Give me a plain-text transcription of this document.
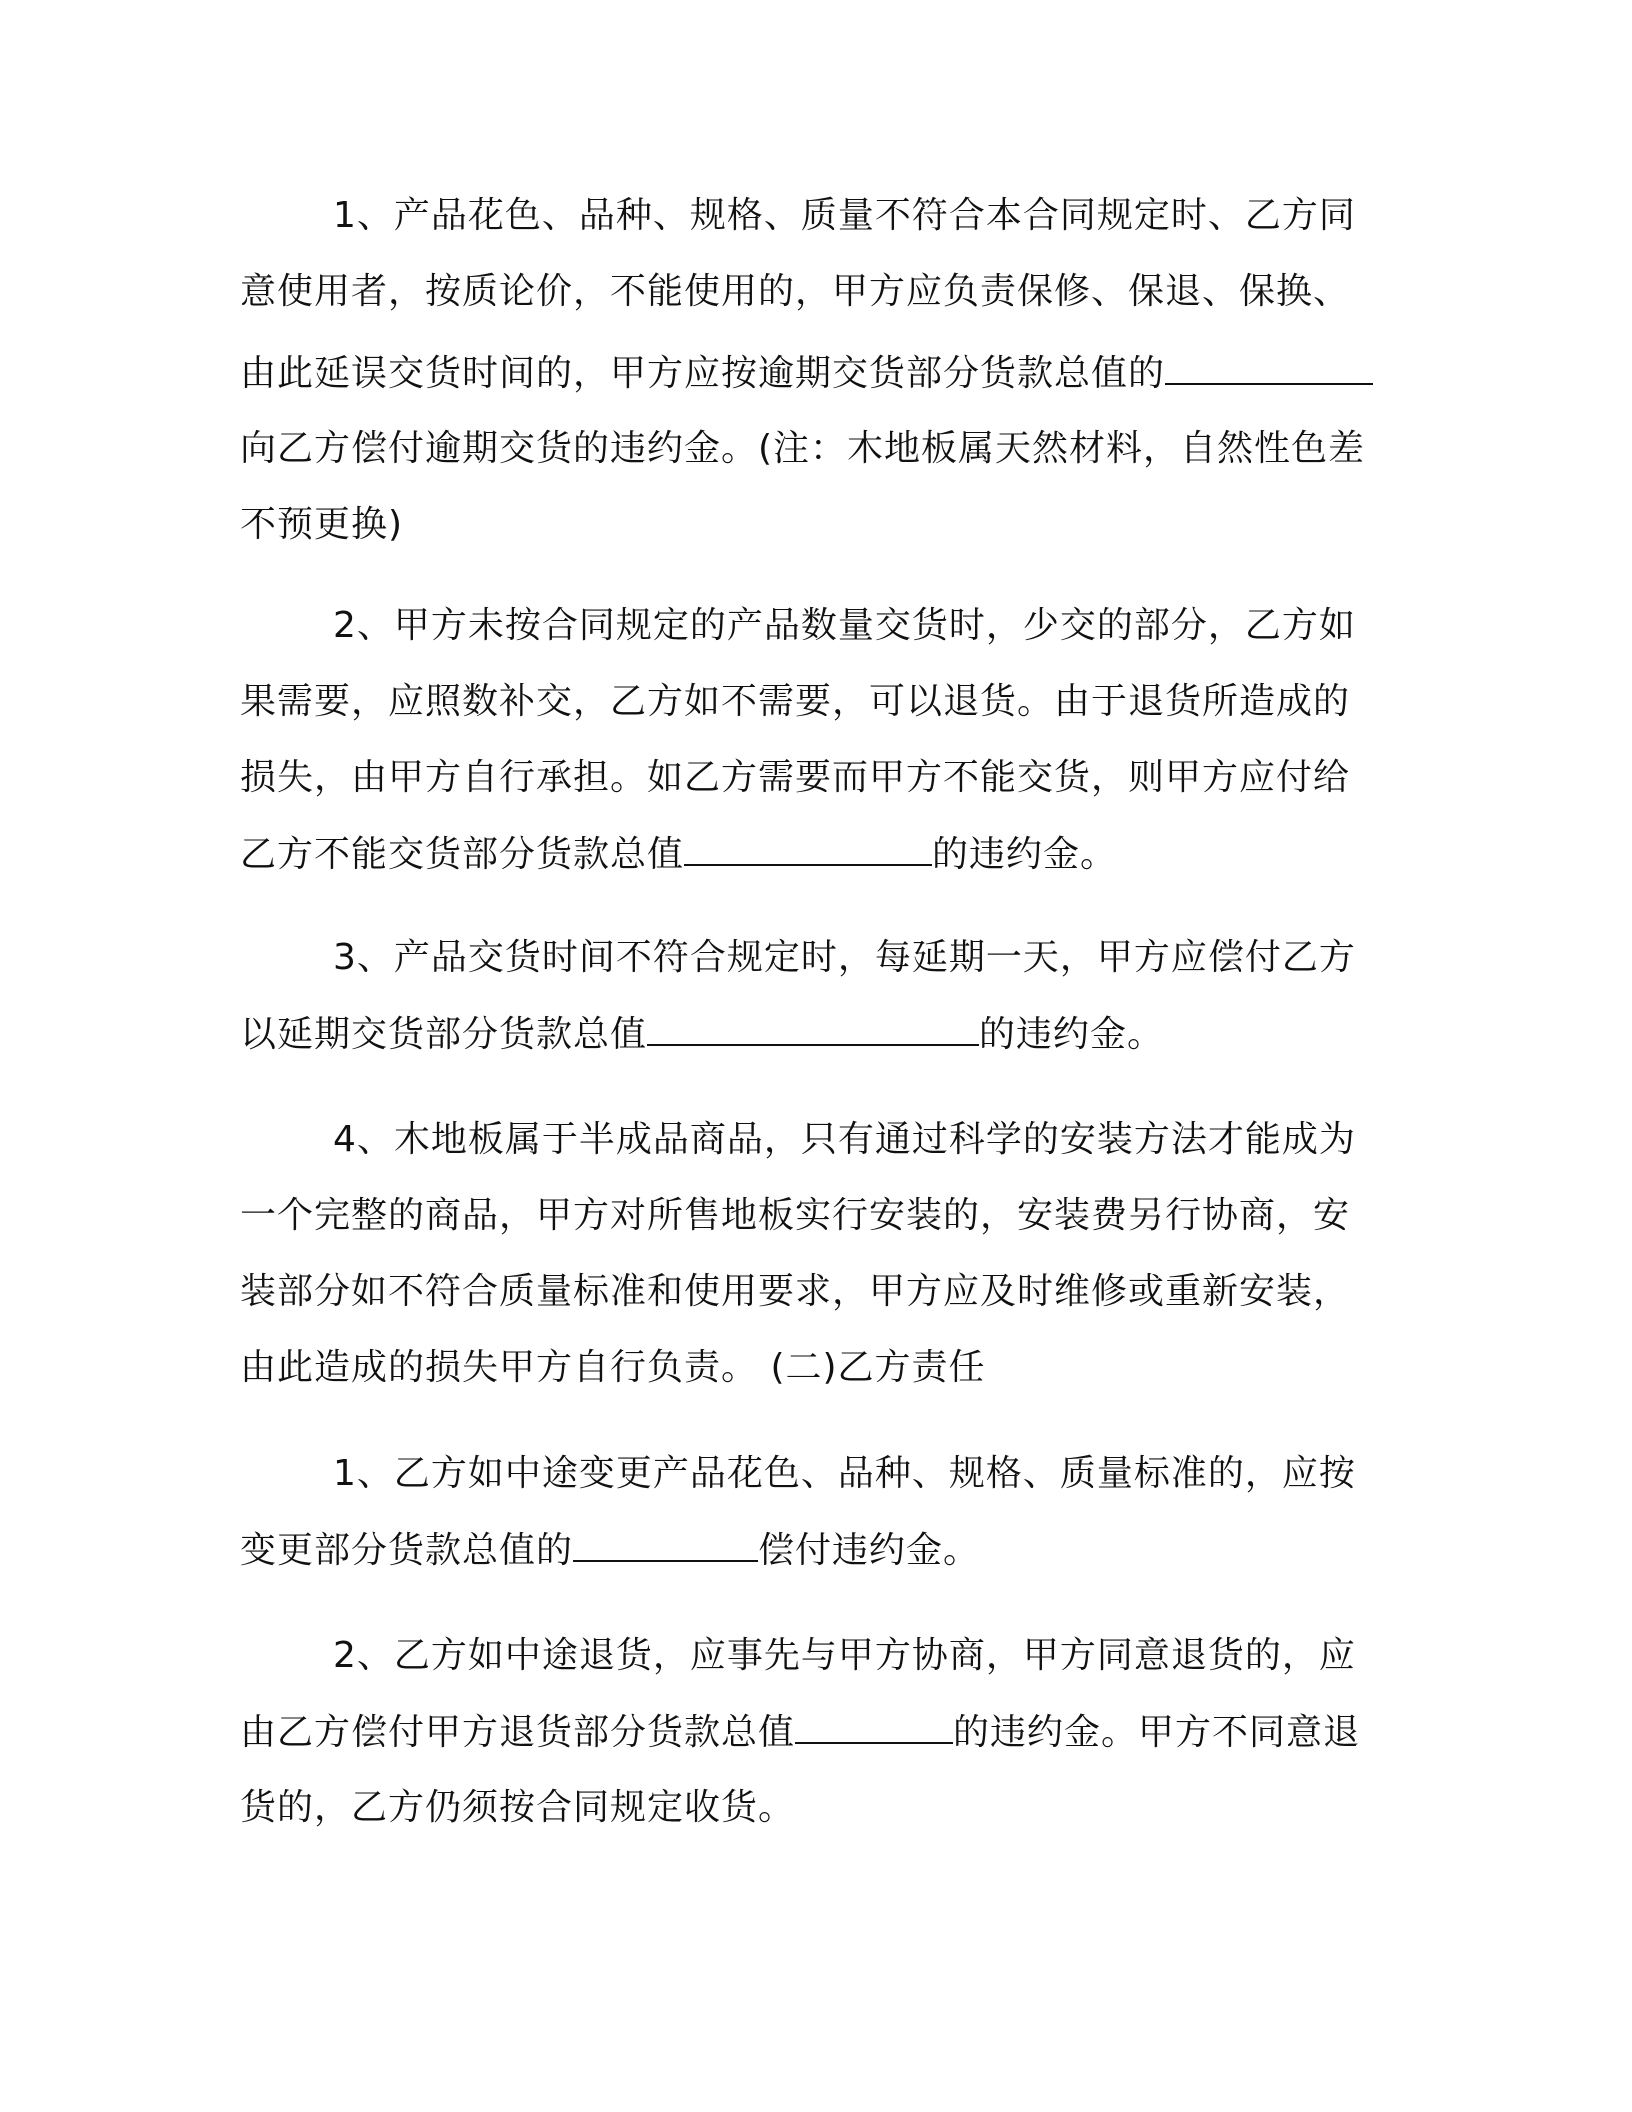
1、产品花色、品种、规格、质量不符合本合同规定时、乙方同
意使用者，按质论价，不能使用的，甲方应负责保修、保退、保换、
由此延误交货时间的，甲方应按逾期交货部分货款总值的
向乙方偿付逾期交货的违约金。(注：木地板属天然材料，自然性色差
不预更换)
2、甲方未按合同规定的产品数量交货时，少交的部分，乙方如
果需要，应照数补交，乙方如不需要，可以退货。由于退货所造成的
损失，由甲方自行承担。如乙方需要而甲方不能交货，则甲方应付给
乙方不能交货部分货款总值	的违约金。
3、产品交货时间不符合规定时，每延期一天，甲方应偿付乙方
以延期交货部分货款总值	的违约金。
4、木地板属于半成品商品，只有通过科学的安装方法才能成为
一个完整的商品，甲方对所售地板实行安装的，安装费另行协商，安
装部分如不符合质量标准和使用要求，甲方应及时维修或重新安装，
由此造成的损失甲方自行负责。 (二)乙方责任
1、乙方如中途变更产品花色、品种、规格、质量标准的，应按
变更部分货款总值的	偿付违约金。
2、乙方如中途退货，应事先与甲方协商，甲方同意退货的，应
由乙方偿付甲方退货部分货款总值	的违约金。甲方不同意退
货的，乙方仍须按合同规定收货。
